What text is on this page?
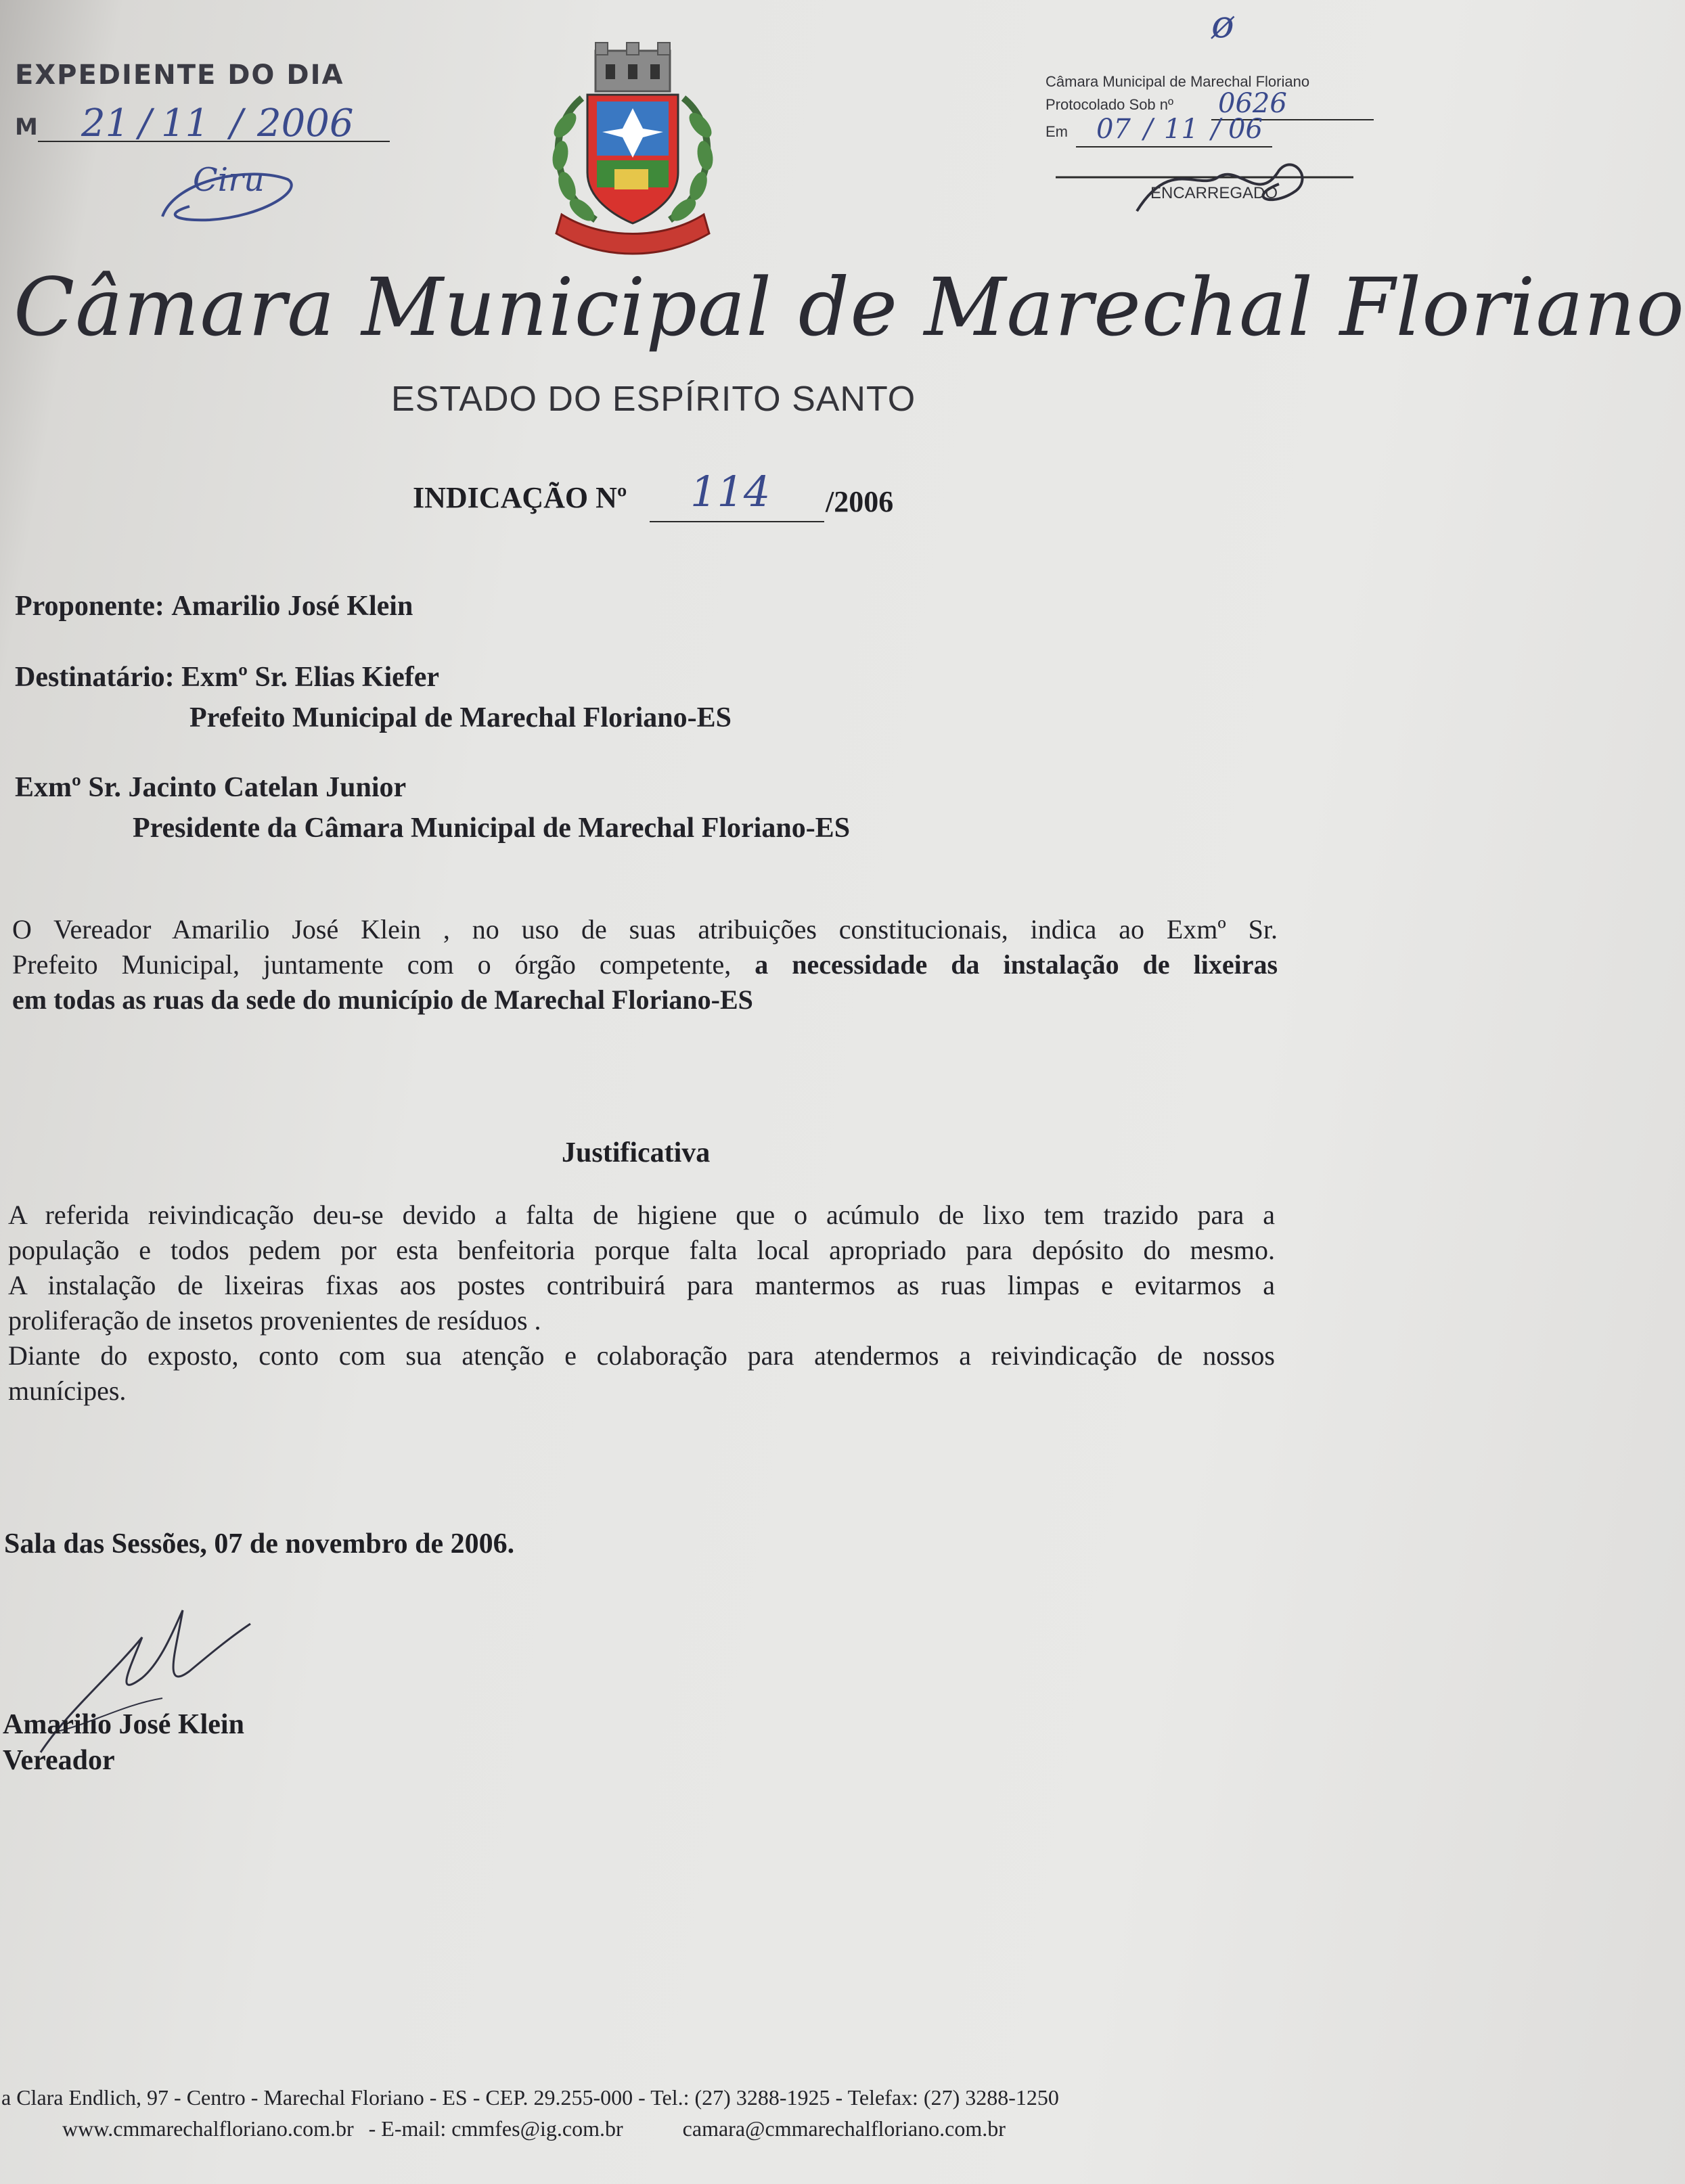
EXPEDIENTE DO DIA
M 21 / 11 / 2006
Ciru
ø
Câmara Municipal de Marechal Floriano
Protocolado Sob nº 0626
Em 07 / 11 / 06
ENCARREGADO
Câmara Municipal de Marechal Floriano
ESTADO DO ESPÍRITO SANTO
INDICAÇÃO Nº 114 /2006
Proponente: Amarilio José Klein
Destinatário: Exmº Sr. Elias Kiefer
Prefeito Municipal de Marechal Floriano-ES
Exmº Sr. Jacinto Catelan Junior
Presidente da Câmara Municipal de Marechal Floriano-ES
O Vereador Amarilio José Klein , no uso de suas atribuições constitucionais, indica ao Exmº Sr.
Prefeito Municipal, juntamente com o órgão competente, a necessidade da instalação de lixeiras
em todas as ruas da sede do município de Marechal Floriano-ES
Justificativa
A referida reivindicação deu-se devido a falta de higiene que o acúmulo de lixo tem trazido para a
população e todos pedem por esta benfeitoria porque falta local apropriado para depósito do mesmo.
A instalação de lixeiras fixas aos postes contribuirá para mantermos as ruas limpas e evitarmos a
proliferação de insetos provenientes de resíduos .
Diante do exposto, conto com sua atenção e colaboração para atendermos a reivindicação de nossos
munícipes.
Sala das Sessões, 07 de novembro de 2006.
Amarilio José Klein
Vereador
a Clara Endlich, 97 - Centro - Marechal Floriano - ES - CEP. 29.255-000 - Tel.: (27) 3288-1925 - Telefax: (27) 3288-1250
www.cmmarechalfloriano.com.br - E-mail: cmmfes@ig.com.br	camara@cmmarechalfloriano.com.br
